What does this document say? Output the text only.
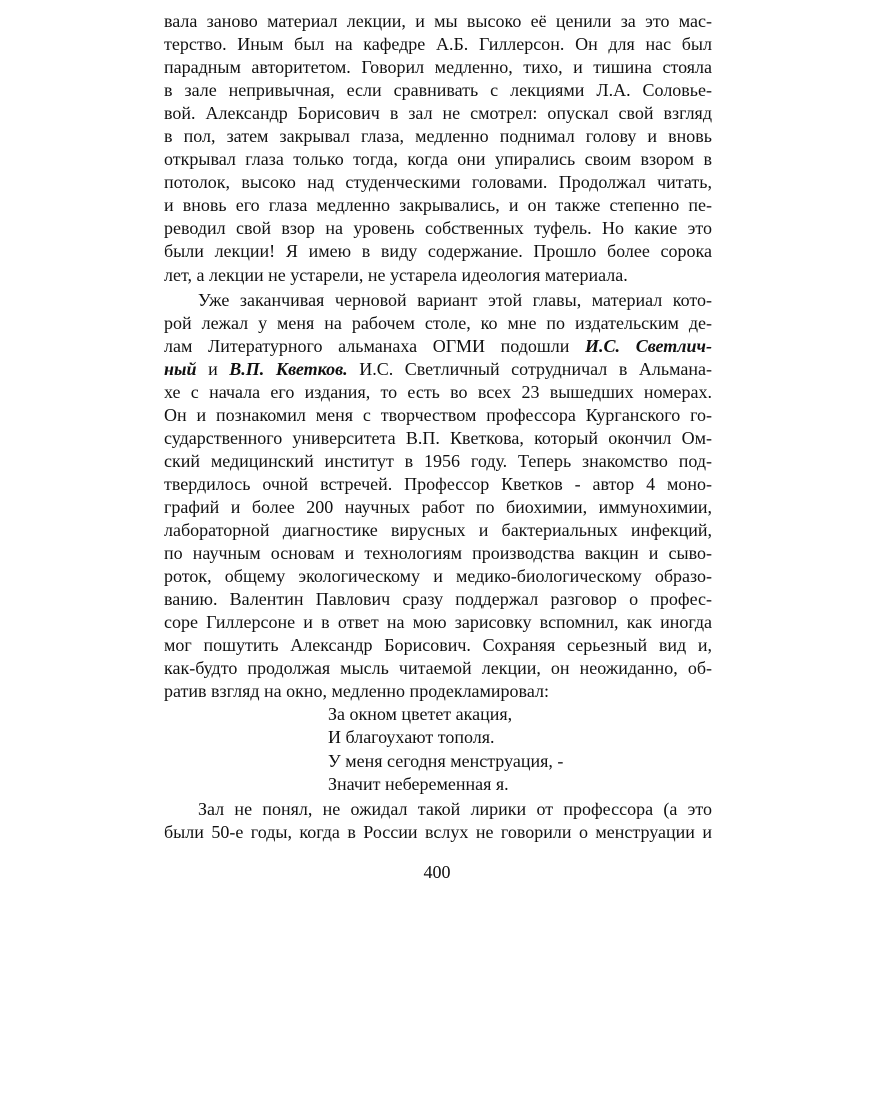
вала заново материал лекции, и мы высоко её ценили за это мас-
терство. Иным был на кафедре А.Б. Гиллерсон. Он для нас был
парадным авторитетом. Говорил медленно, тихо, и тишина стояла
в зале непривычная, если сравнивать с лекциями Л.А. Соловье-
вой. Александр Борисович в зал не смотрел: опускал свой взгляд
в пол, затем закрывал глаза, медленно поднимал голову и вновь
открывал глаза только тогда, когда они упирались своим взором в
потолок, высоко над студенческими головами. Продолжал читать,
и вновь его глаза медленно закрывались, и он также степенно пе-
реводил свой взор на уровень собственных туфель. Но какие это
были лекции! Я имею в виду содержание. Прошло более сорока
лет, а лекции не устарели, не устарела идеология материала.
Уже заканчивая черновой вариант этой главы, материал кото-
рой лежал у меня на рабочем столе, ко мне по издательским де-
лам Литературного альманаха ОГМИ подошли И.С. Светлич-
ный и В.П. Кветков. И.С. Светличный сотрудничал в Альмана-
хе с начала его издания, то есть во всех 23 вышедших номерах.
Он и познакомил меня с творчеством профессора Курганского го-
сударственного университета В.П. Кветкова, который окончил Ом-
ский медицинский институт в 1956 году. Теперь знакомство под-
твердилось очной встречей. Профессор Кветков - автор 4 моно-
графий и более 200 научных работ по биохимии, иммунохимии,
лабораторной диагностике вирусных и бактериальных инфекций,
по научным основам и технологиям производства вакцин и сыво-
роток, общему экологическому и медико-биологическому образо-
ванию. Валентин Павлович сразу поддержал разговор о профес-
соре Гиллерсоне и в ответ на мою зарисовку вспомнил, как иногда
мог пошутить Александр Борисович. Сохраняя серьезный вид и,
как-будто продолжая мысль читаемой лекции, он неожиданно, об-
ратив взгляд на окно, медленно продекламировал:
За окном цветет акация,
И благоухают тополя.
У меня сегодня менструация, -
Значит небеременная я.
Зал не понял, не ожидал такой лирики от профессора (а это
были 50-е годы, когда в России вслух не говорили о менструации и
400
